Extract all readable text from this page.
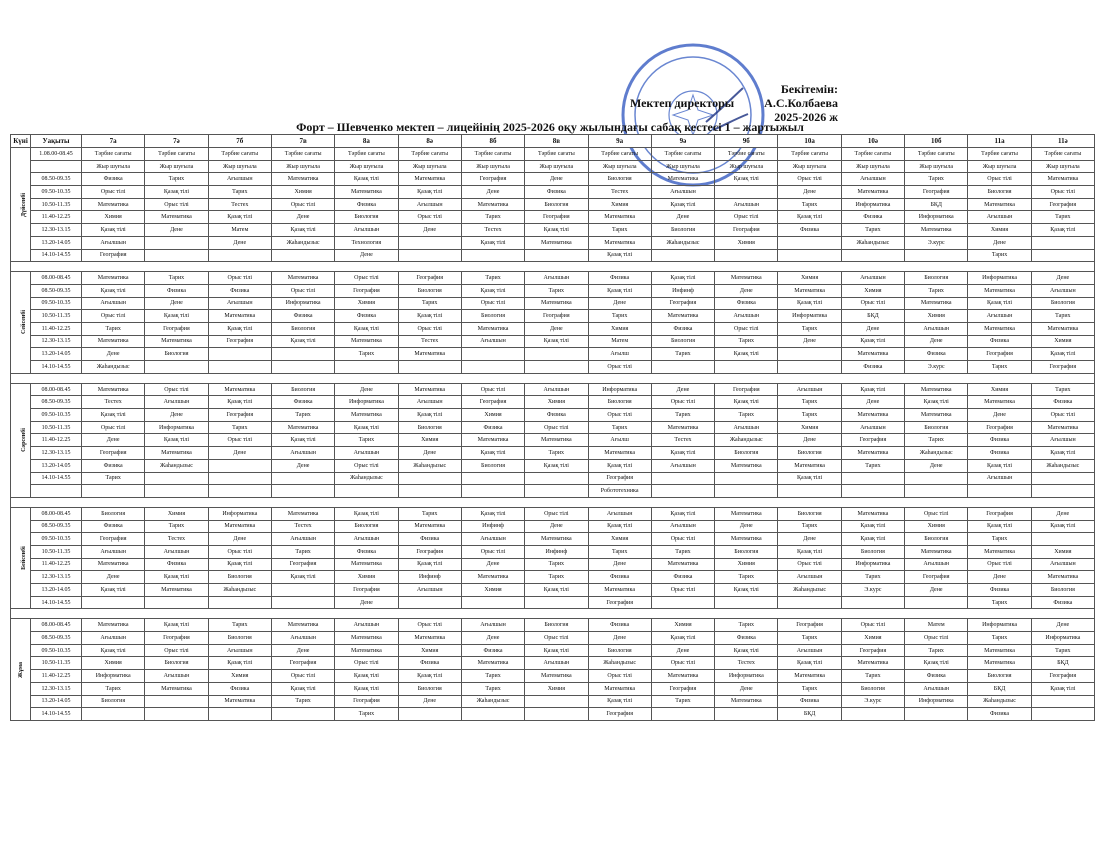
Бекітемін:
Мектеп директоры	А.С.Колбаева
2025-2026 ж
Форт – Шевченко мектеп – лицейінің 2025-2026 оқу жылындағы сабақ кестесі 1 – жартыжыл
Күні	Уақыты	7а	7ә	7б	7в	8а	8ә	8б	8в	9а	9ә	9б	10а	10ә	10б	11а	11ә
Дүйсенбі	1.08.00-08.45	Тәрбие сағаты	Тәрбие сағаты	Тәрбие сағаты	Тәрбие сағаты	Тәрбие сағаты	Тәрбие сағаты	Тәрбие сағаты	Тәрбие сағаты	Тәрбие сағаты	Тәрбие сағаты	Тәрбие сағаты	Тәрбие сағаты	Тәрбие сағаты	Тәрбие сағаты	Тәрбие сағаты	Тәрбие сағаты
		Жыр шуғыла	Жыр шуғыла	Жыр шуғыла	Жыр шуғыла	Жыр шуғыла	Жыр шуғыла	Жыр шуғыла	Жыр шуғыла	Жыр шуғыла	Жыр шуғыла	Жыр шуғыла	Жыр шуғыла	Жыр шуғыла	Жыр шуғыла	Жыр шуғыла	Жыр шуғыла
	08.50-09.35	Физика	Тарих	Ағылшын	Математика	Қазақ тілі	Математика	География	Дене	Биология	Математика	Қазақ тілі	Орыс тілі	Ағылшын	Тарих	Орыс тілі	Математика
	09.50-10.35	Орыс тілі	Қазақ тілі	Тарих	Химия	Математика	Қазақ тілі	Дене	Физика	Тестех	Ағылшын		Дене	Математика	География	Биология	Орыс тілі
	10.50-11.35	Математика	Орыс тілі	Тестех	Орыс тілі	Физика	Ағылшын	Математика	Биология	Химия	Қазақ тілі	Ағылшын	Тарих	Информатика	БҚД	Математика	География
	11.40-12.25	Химия	Математика	Қазақ тілі	Дене	Биология	Орыс тілі	Тарих	География	Математика	Дене	Орыс тілі	Қазақ тілі	Физика	Информатика	Ағылшын	Тарих
	12.30-13.15	Қазақ тілі	Дене	Матем	Қазақ тілі	Ағылшын	Дене	Тестех	Қазақ тілі	Тарих	Биология	География	Физика	Тарих	Математика	Химия	Қазақ тілі
	13.20-14.05	Ағылшын		Дене	Жаһандызыс	Технология		Қазақ тілі	Математика	Математика	Жаһандызыс	Химия		Жаһандызыс	Э.курс	Дене	
	14.10-14.55	География				Дене				Қазақ тілі						Тарих	

Сейсенбі	08.00-08.45	Математика	Тарих	Орыс тілі	Математика	Орыс тілі	География	Тарих	Ағылшын	Физика	Қазақ тілі	Математика	Химия	Ағылшын	Биология	Информатика	Дене
	08.50-09.35	Қазақ тілі	Физика	Физика	Орыс тілі	География	Биология	Қазақ тілі	Тарих	Қазақ тілі	Инфинф	Дене	Математика	Химия	Тарих	Математика	Ағылшын
	09.50-10.35	Ағылшын	Дене	Ағылшын	Информатика	Химия	Тарих	Орыс тілі	Математика	Дене	География	Физика	Қазақ тілі	Орыс тілі	Математика	Қазақ тілі	Биология
	10.50-11.35	Орыс тілі	Қазақ тілі	Математика	Физика	Физика	Қазақ тілі	Биология	География	Тарих	Математика	Ағылшын	Информатика	БҚД	Химия	Ағылшын	Тарих
	11.40-12.25	Тарих	География	Қазақ тілі	Биология	Қазақ тілі	Орыс тілі	Математика	Дене	Химия	Физика	Орыс тілі	Тарих	Дене	Ағылшын	Математика	Математика
	12.30-13.15	Математика	Математика	География	Қазақ тілі	Математика	Тестех	Ағылшын	Қазақ тілі	Матем	Биология	Тарих	Дене	Қазақ тілі	Дене	Физика	Химия
	13.20-14.05	Дене	Биология			Тарих	Математика			Ағылш	Тарих	Қазақ тілі		Математика	Физика	География	Қазақ тілі
	14.10-14.55	Жаһандызыс								Орыс тілі				Физика	Э.курс	Тарих	География

Сәрсенбі	08.00-08.45	Математика	Орыс тілі	Математика	Биология	Дене	Математика	Орыс тілі	Ағылшын	Информатика	Дене	География	Ағылшын	Қазақ тілі	Математика	Химия	Тарих
	08.50-09.35	Тестех	Ағылшын	Қазақ тілі	Физика	Информатика	Ағылшын	География	Химия	Биология	Орыс тілі	Қазақ тілі	Тарих	Дене	Қазақ тілі	Математика	Физика
	09.50-10.35	Қазақ тілі	Дене	География	Тарих	Математика	Қазақ тілі	Химия	Физика	Орыс тілі	Тарих	Тарих	Тарих	Математика	Математика	Дене	Орыс тілі
	10.50-11.35	Орыс тілі	Информатика	Тарих	Математика	Қазақ тілі	Биология	Физика	Орыс тілі	Тарих	Математика	Ағылшын	Химия	Ағылшын	Биология	География	Математика
	11.40-12.25	Дене	Қазақ тілі	Орыс тілі	Қазақ тілі	Тарих	Химия	Математика	Математика	Ағылш	Тестех	Жаһандызыс	Дене	География	Тарих	Физика	Ағылшын
	12.30-13.15	География	Математика	Дене	Ағылшын	Ағылшын	Дене	Қазақ тілі	Тарих	Математика	Қазақ тілі	Биология	Биология	Математика	Жаһандызыс	Физика	Қазақ тілі
	13.20-14.05	Физика	Жаһандызыс		Дене	Орыс тілі	Жаһандызыс	Биология	Қазақ тілі	Қазақ тілі	Ағылшын	Математика	Математика	Тарих	Дене	Қазақ тілі	Жаһандызыс
	14.10-14.55	Тарих				Жаһандызыс				География			Қазақ тілі			Ағылшын	
										Робототехника							

Бейсенбі	08.00-08.45	Биология	Химия	Информатика	Математика	Қазақ тілі	Тарих	Қазақ тілі	Орыс тілі	Ағылшын	Қазақ тілі	Математика	Биология	Математика	Орыс тілі	География	Дене
	08.50-09.35	Физика	Тарих	Математика	Тестех	Биология	Математика	Инфинф	Дене	Қазақ тілі	Ағылшын	Дене	Тарих	Қазақ тілі	Химия	Қазақ тілі	Қазақ тілі
	09.50-10.35	География	Тестех	Дене	Ағылшын	Ағылшын	Физика	Ағылшын	Математика	Химия	Орыс тілі	Математика	Дене	Қазақ тілі	Биология	Тарих	
	10.50-11.35	Ағылшын	Ағылшын	Орыс тілі	Тарих	Физика	География	Орыс тілі	Инфинф	Тарих	Тарих	Биология	Қазақ тілі	Биология	Математика	Математика	Химия
	11.40-12.25	Математика	Физика	Қазақ тілі	География	Математика	Қазақ тілі	Дене	Тарих	Дене	Математика	Химия	Орыс тілі	Информатика	Ағылшын	Орыс тілі	Ағылшын
	12.30-13.15	Дене	Қазақ тілі	Биология	Қазақ тілі	Химия	Инфинф	Математика	Тарих	Физика	Физика	Тарих	Ағылшын	Тарих	География	Дене	Математика
	13.20-14.05	Қазақ тілі	Математика	Жаһандызыс		География	Ағылшын	Химия	Қазақ тілі	Математика	Орыс тілі	Қазақ тілі	Жаһандызыс	Э.курс	Дене	Физика	Биология
	14.10-14.55					Дене				География						Тарих	Физика

Жұма	08.00-08.45	Математика	Қазақ тілі	Тарих	Математика	Ағылшын	Орыс тілі	Ағылшын	Биология	Физика	Химия	Тарих	География	Орыс тілі	Матем	Информатика	Дене
	08.50-09.35	Ағылшын	География	Биология	Ағылшын	Математика	Математика	Дене	Орыс тілі	Дене	Қазақ тілі	Физика	Тарих	Химия	Орыс тілі	Тарих	Информатика
	09.50-10.35	Қазақ тілі	Орыс тілі	Ағылшын	Дене	Математика	Химия	Физика	Қазақ тілі	Биология	Дене	Қазақ тілі	Ағылшын	География	Тарих	Математика	Тарих
	10.50-11.35	Химия	Биология	Қазақ тілі	География	Орыс тілі	Физика	Математика	Ағылшын	Жаһандызыс	Орыс тілі	Тестех	Қазақ тілі	Математика	Қазақ тілі	Математика	БҚД
	11.40-12.25	Информатика	Ағылшын	Химия	Орыс тілі	Қазақ тілі	Қазақ тілі	Тарих	Математика	Орыс тілі	Математика	Информатика	Математика	Тарих	Физика	Биология	География
	12.30-13.15	Тарих	Математика	Физика	Қазақ тілі	Қазақ тілі	Биология	Тарих	Химия	Математика	География	Дене	Тарих	Биология	Ағылшын	БҚД	Қазақ тілі
	13.20-14.05	Биология		Математика	Тарих	География	Дене	Жаһандызыс		Қазақ тілі	Тарих	Математика	Физика	Э.курс	Информатика	Жаһандызыс	
	14.10-14.55					Тарих				География			БҚД			Физика	
